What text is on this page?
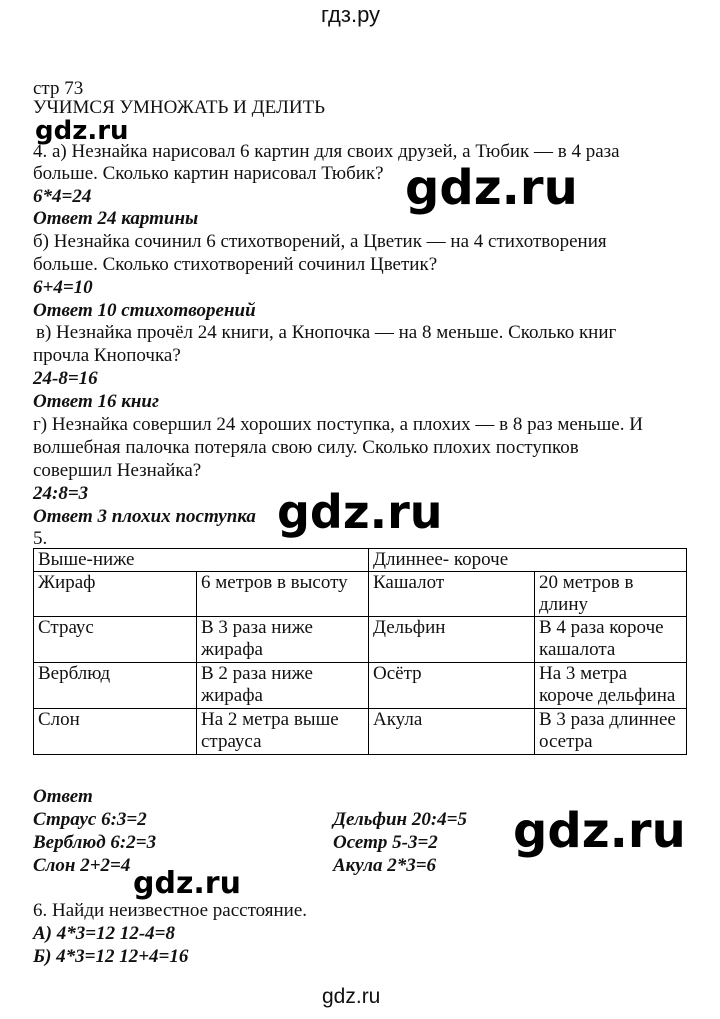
гдз.ру
стр 73
УЧИМСЯ УМНОЖАТЬ И ДЕЛИТЬ
gdz.ru
gdz.ru
gdz.ru
gdz.ru
gdz.ru
4. а) Незнайка нарисовал 6 картин для своих друзей, а Тюбик — в 4 раза
больше. Сколько картин нарисовал Тюбик?
6*4=24
Ответ 24 картины
б) Незнайка сочинил 6 стихотворений, а Цветик — на 4 стихотворения
больше. Сколько стихотворений сочинил Цветик?
6+4=10
Ответ 10 стихотворений
в) Незнайка прочёл 24 книги, а Кнопочка — на 8 меньше. Сколько книг
прочла Кнопочка?
24-8=16
Ответ 16 книг
г) Незнайка совершил 24 хороших поступка, а плохих — в 8 раз меньше. И
волшебная палочка потеряла свою силу. Сколько плохих поступков
совершил Незнайка?
24:8=3
Ответ 3 плохих поступка
5.
Выше-ниже		Длиннее- короче	
Жираф	6 метров в высоту	Кашалот	20 метров в
длину
Страус	В 3 раза ниже
жирафа	Дельфин	В 4 раза короче
кашалота
Верблюд	В 2 раза ниже
жирафа	Осётр	На 3 метра
короче дельфина
Слон	На 2 метра выше
страуса	Акула	В 3 раза длиннее
осетра
Ответ
Страус 6:3=2
Верблюд 6:2=3
Слон 2+2=4
Дельфин 20:4=5
Осетр 5-3=2
Акула 2*3=6
6. Найди неизвестное расстояние.
А) 4*3=12 12-4=8
Б) 4*3=12 12+4=16
gdz.ru
